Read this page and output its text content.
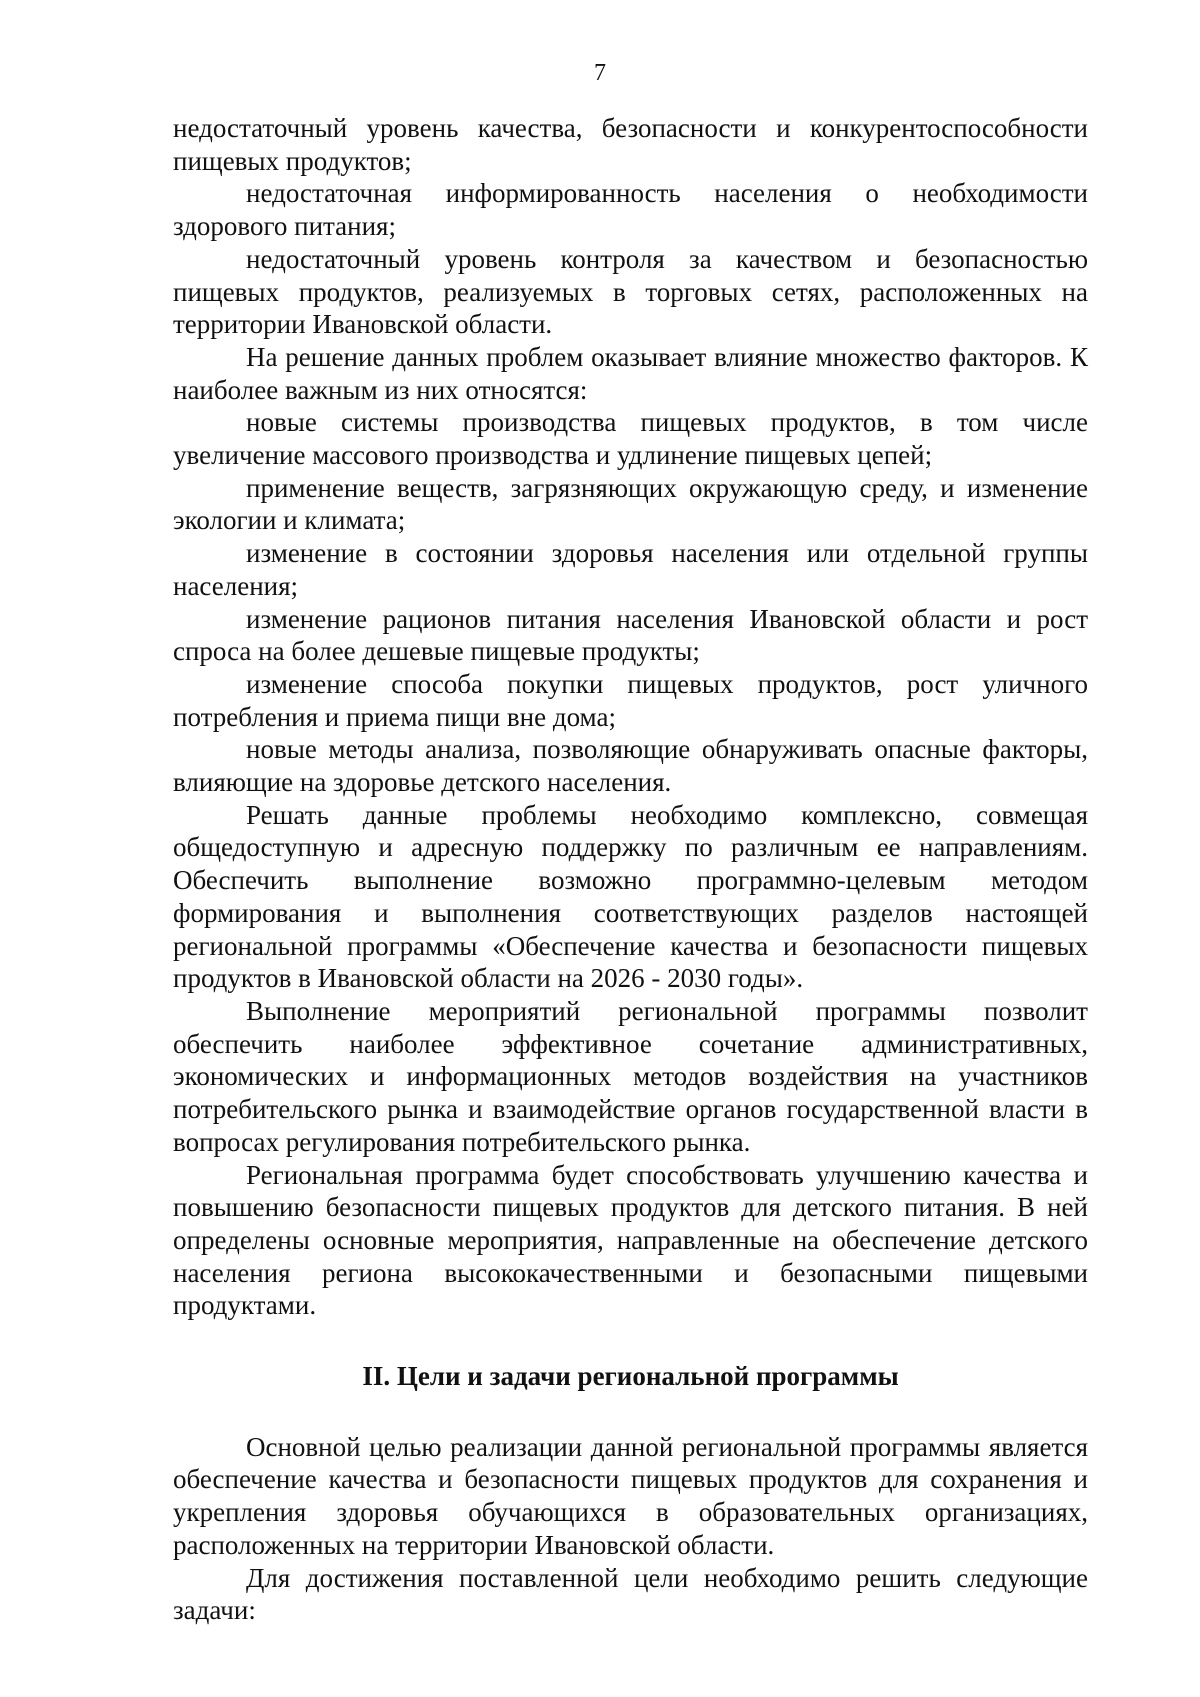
7

недостаточный уровень качества, безопасности и конкурентоспособности пищевых продуктов;

недостаточная информированность населения о необходимости здорового питания;

недостаточный уровень контроля за качеством и безопасностью пищевых продуктов, реализуемых в торговых сетях, расположенных на территории Ивановской области.

На решение данных проблем оказывает влияние множество факторов. К наиболее важным из них относятся:

новые системы производства пищевых продуктов, в том числе увеличение массового производства и удлинение пищевых цепей;

применение веществ, загрязняющих окружающую среду, и изменение экологии и климата;

изменение в состоянии здоровья населения или отдельной группы населения;

изменение рационов питания населения Ивановской области и рост спроса на более дешевые пищевые продукты;

изменение способа покупки пищевых продуктов, рост уличного потребления и приема пищи вне дома;

новые методы анализа, позволяющие обнаруживать опасные факторы, влияющие на здоровье детского населения.

Решать данные проблемы необходимо комплексно, совмещая общедоступную и адресную поддержку по различным ее направлениям. Обеспечить выполнение возможно программно-целевым методом формирования и выполнения соответствующих разделов настоящей региональной программы «Обеспечение качества и безопасности пищевых продуктов в Ивановской области на 2026 - 2030 годы».

Выполнение мероприятий региональной программы позволит обеспечить наиболее эффективное сочетание административных, экономических и информационных методов воздействия на участников потребительского рынка и взаимодействие органов государственной власти в вопросах регулирования потребительского рынка.

Региональная программа будет способствовать улучшению качества и повышению безопасности пищевых продуктов для детского питания. В ней определены основные мероприятия, направленные на обеспечение детского населения региона высококачественными и безопасными пищевыми продуктами.

II. Цели и задачи региональной программы

Основной целью реализации данной региональной программы является обеспечение качества и безопасности пищевых продуктов для сохранения и укрепления здоровья обучающихся в образовательных организациях, расположенных на территории Ивановской области.

Для достижения поставленной цели необходимо решить следующие задачи:
